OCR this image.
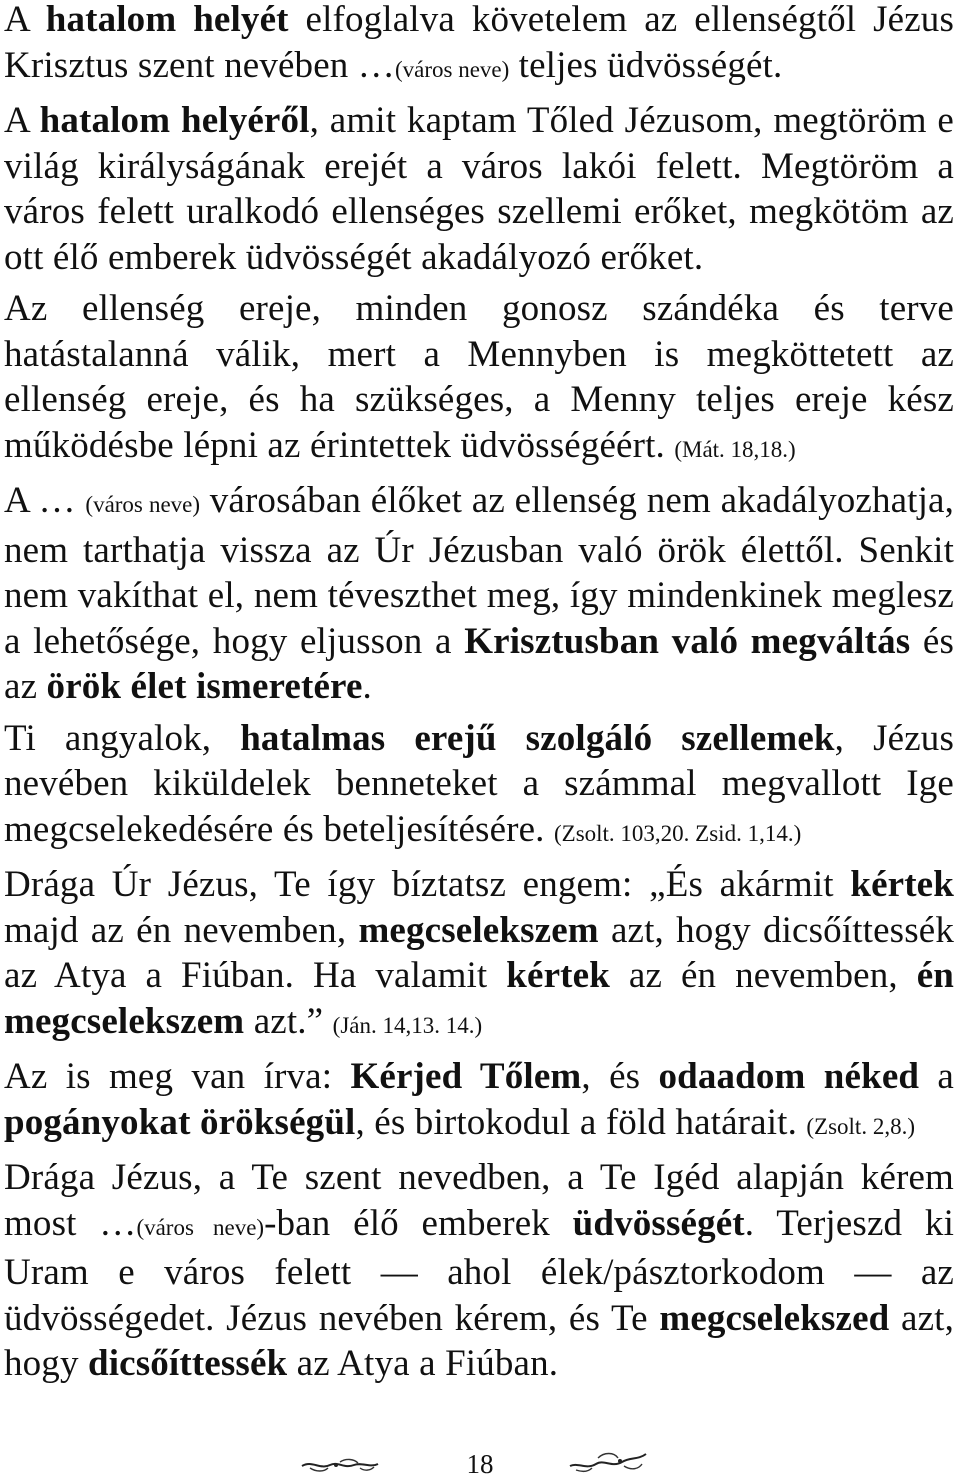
A hatalom helyét elfoglalva követelem az ellenségtől Jézus Krisztus szent nevében …(város neve) teljes üdvösségét.

A hatalom helyéről, amit kaptam Tőled Jézusom, megtöröm e világ királyságának erejét a város lakói felett. Megtöröm a város felett uralkodó ellenséges szellemi erőket, megkötöm az ott élő emberek üdvösségét akadályozó erőket.

Az ellenség ereje, minden gonosz szándéka és terve hatástalanná válik, mert a Mennyben is megköttetett az ellenség ereje, és ha szükséges, a Menny teljes ereje kész működésbe lépni az érintettek üdvösségéért. (Mát. 18,18.)

A … (város neve) városában élőket az ellenség nem akadályozhatja, nem tarthatja vissza az Úr Jézusban való örök élettől. Senkit nem vakíthat el, nem téveszthet meg, így mindenkinek meglesz a lehetősége, hogy eljusson a Krisztusban való megváltás és az örök élet ismeretére.

Ti angyalok, hatalmas erejű szolgáló szellemek, Jézus nevében kiküldelek benneteket a számmal megvallott Ige megcselekedésére és beteljesítésére. (Zsolt. 103,20. Zsid. 1,14.)

Drága Úr Jézus, Te így bíztatsz engem: „És akármit kértek majd az én nevemben, megcselekszem azt, hogy dicsőíttessék az Atya a Fiúban. Ha valamit kértek az én nevemben, én megcselekszem azt.” (Ján. 14,13. 14.)

Az is meg van írva: Kérjed Tőlem, és odaadom néked a pogányokat örökségül, és birtokodul a föld határait. (Zsolt. 2,8.)

Drága Jézus, a Te szent nevedben, a Te Igéd alapján kérem most …(város neve)-ban élő emberek üdvösségét. Terjeszd ki Uram e város felett — ahol élek/pásztorkodom — az üdvösségedet. Jézus nevében kérem, és Te megcselekszed azt, hogy dicsőíttessék az Atya a Fiúban.

18
